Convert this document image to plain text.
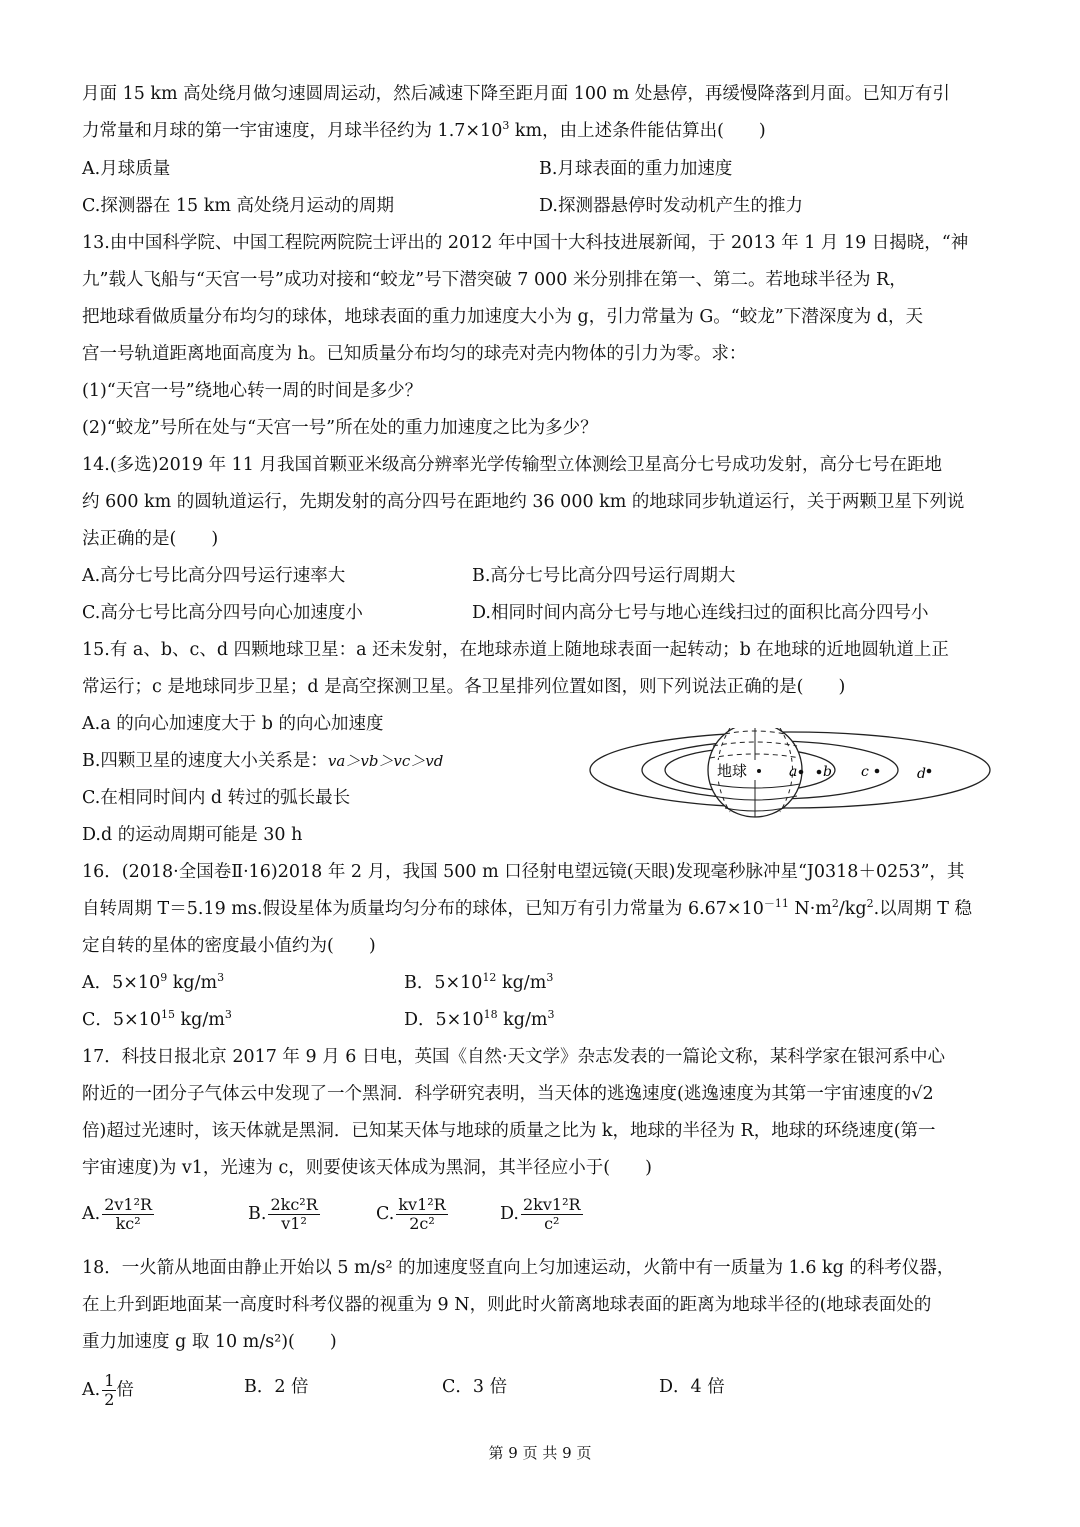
月面 15 km 高处绕月做匀速圆周运动，然后减速下降至距月面 100 m 处悬停，再缓慢降落到月面。已知万有引
力常量和月球的第一宇宙速度，月球半径约为 $1.7\times 10^3$ km，由上述条件能估算出(　　)
A.月球质量	B.月球表面的重力加速度
C.探测器在 15 km 高处绕月运动的周期	D.探测器悬停时发动机产生的推力
13.由中国科学院、中国工程院两院院士评出的 2012 年中国十大科技进展新闻，于 2013 年 1 月 19 日揭晓，“神
九”载人飞船与“天宫一号”成功对接和“蛟龙”号下潜突破 7 000 米分别排在第一、第二。若地球半径为 R，
把地球看做质量分布均匀的球体，地球表面的重力加速度大小为 g，引力常量为 G。“蛟龙”下潜深度为 d，天
宫一号轨道距离地面高度为 h。已知质量分布均匀的球壳对壳内物体的引力为零。求：
(1)“天宫一号”绕地心转一周的时间是多少？
(2)“蛟龙”号所在处与“天宫一号”所在处的重力加速度之比为多少？
14.(多选)2019 年 11 月我国首颗亚米级高分辨率光学传输型立体测绘卫星高分七号成功发射，高分七号在距地
约 600 km 的圆轨道运行，先期发射的高分四号在距地约 36 000 km 的地球同步轨道运行，关于两颗卫星下列说
法正确的是(　　)
A.高分七号比高分四号运行速率大	B.高分七号比高分四号运行周期大
C.高分七号比高分四号向心加速度小	D.相同时间内高分七号与地心连线扫过的面积比高分四号小
15.有 a、b、c、d 四颗地球卫星：a 还未发射，在地球赤道上随地球表面一起转动；b 在地球的近地圆轨道上正
常运行；c 是地球同步卫星；d 是高空探测卫星。各卫星排列位置如图，则下列说法正确的是(　　)
A.a 的向心加速度大于 b 的向心加速度
B.四颗卫星的速度大小关系是：va＞vb＞vc＞vd
C.在相同时间内 d 转过的弧长最长
D.d 的运动周期可能是 30 h
地球	a b c	d
16．(2018·全国卷Ⅱ·16)2018 年 2 月，我国 500 m 口径射电望远镜(天眼)发现毫秒脉冲星“J0318＋0253”，其
自转周期 T＝5.19 ms.假设星体为质量均匀分布的球体，已知万有引力常量为 $6.67\times 10^{-11}$ $N\cdot m^2/kg^2$.以周期 T 稳
定自转的星体的密度最小值约为(　　)
A．$5\times 10^9$ $kg/m^3$	B．$5\times 10^{12}$ $kg/m^3$
C．$5\times 10^{15}$ $kg/m^3$	D．$5\times 10^{18}$ $kg/m^3$
17．科技日报北京 2017 年 9 月 6 日电，英国《自然·天文学》杂志发表的一篇论文称，某科学家在银河系中心
附近的一团分子气体云中发现了一个黑洞．科学研究表明，当天体的逃逸速度(逃逸速度为其第一宇宙速度的√2
倍)超过光速时，该天体就是黑洞．已知某天体与地球的质量之比为 k，地球的半径为 R，地球的环绕速度(第一
宇宙速度)为 v1，光速为 c，则要使该天体成为黑洞，其半径应小于(　　)
A. $\frac{\text{2v1²R}}{\text{kc²}}$	B. $\frac{\text{2kc²R}}{\text{v1²}}$	C. $\frac{\text{kv1²R}}{\text{2c²}}$	D. $\frac{\text{2kv1²R}}{\text{c²}}$
18．一火箭从地面由静止开始以 5 m/s² 的加速度竖直向上匀加速运动，火箭中有一质量为 1.6 kg 的科考仪器，
在上升到距地面某一高度时科考仪器的视重为 9 N，则此时火箭离地球表面的距离为地球半径的(地球表面处的
重力加速度 g 取 10 m/s²)(　　)
A. $\frac{1}{2}$ 倍	B．2 倍	C．3 倍	D．4 倍
第 9 页 共 9 页
